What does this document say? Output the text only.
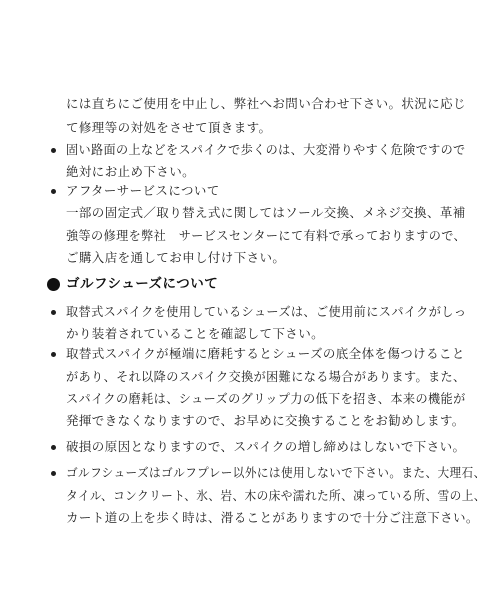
には直ちにご使用を中止し、弊社へお問い合わせ下さい。状況に応じ
て修理等の対処をさせて頂きます。
固い路面の上などをスパイクで歩くのは、大変滑りやすく危険ですので
絶対にお止め下さい。
アフターサービスについて
一部の固定式／取り替え式に関してはソール交換、メネジ交換、革補
強等の修理を弊社　サービスセンターにて有料で承っておりますので、
ご購入店を通してお申し付け下さい。
ゴルフシューズについて
取替式スパイクを使用しているシューズは、ご使用前にスパイクがしっ
かり装着されていることを確認して下さい。
取替式スパイクが極端に磨耗するとシューズの底全体を傷つけること
があり、それ以降のスパイク交換が困難になる場合があります。また、
スパイクの磨耗は、シューズのグリップ力の低下を招き、本来の機能が
発揮できなくなりますので、お早めに交換することをお勧めします。
破損の原因となりますので、スパイクの増し締めはしないで下さい。
ゴルフシューズはゴルフプレー以外には使用しないで下さい。また、大理石、
タイル、コンクリート、氷、岩、木の床や濡れた所、凍っている所、雪の上、
カート道の上を歩く時は、滑ることがありますので十分ご注意下さい。
